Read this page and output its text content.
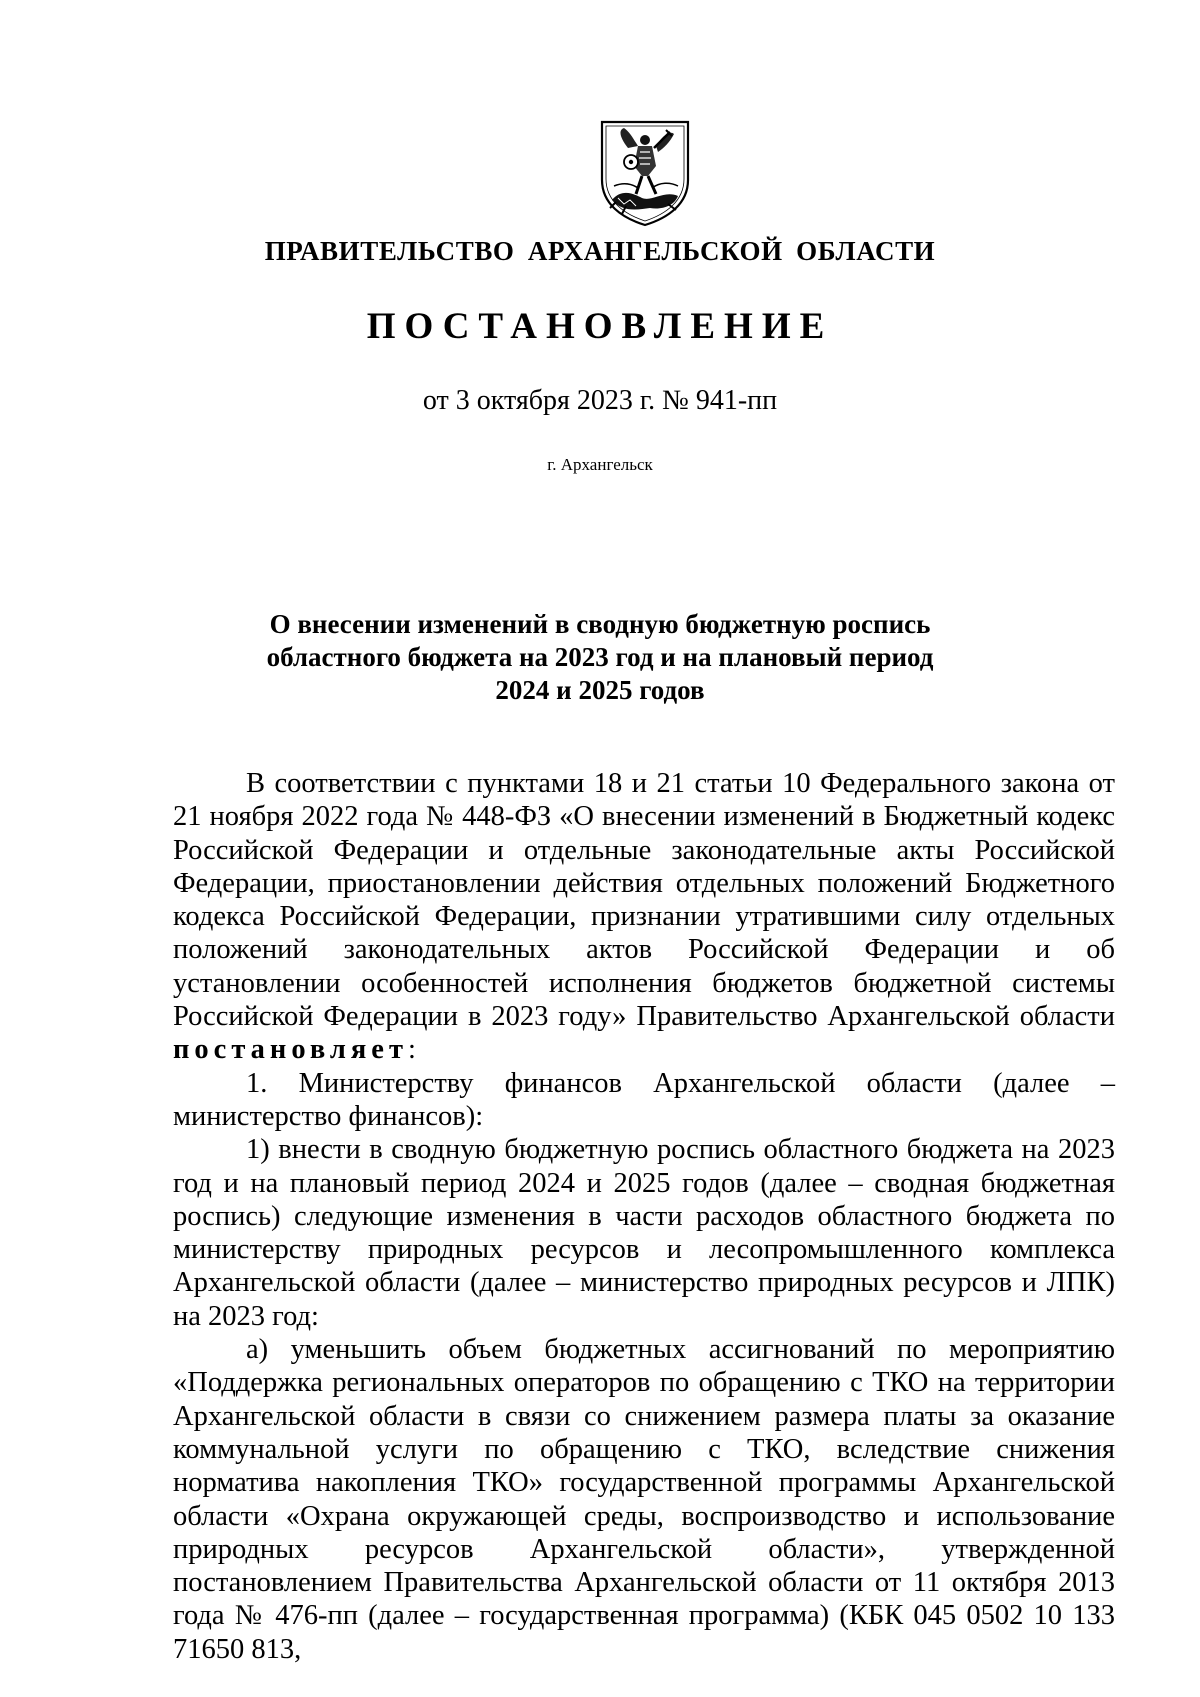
ПРАВИТЕЛЬСТВО АРХАНГЕЛЬСКОЙ ОБЛАСТИ
ПОСТАНОВЛЕНИЕ
от 3 октября 2023 г. № 941-пп
г. Архангельск
О внесении изменений в сводную бюджетную роспись
областного бюджета на 2023 год и на плановый период
2024 и 2025 годов

В соответствии с пунктами 18 и 21 статьи 10 Федерального закона от 21 ноября 2022 года № 448-ФЗ «О внесении изменений в Бюджетный кодекс Российской Федерации и отдельные законодательные акты Российской Федерации, приостановлении действия отдельных положений Бюджетного кодекса Российской Федерации, признании утратившими силу отдельных положений законодательных актов Российской Федерации и об установлении особенностей исполнения бюджетов бюджетной системы Российской Федерации в 2023 году» Правительство Архангельской области постановляет:

1. Министерству финансов Архангельской области (далее – министерство финансов):

1) внести в сводную бюджетную роспись областного бюджета на 2023 год и на плановый период 2024 и 2025 годов (далее – сводная бюджетная роспись) следующие изменения в части расходов областного бюджета по министерству природных ресурсов и лесопромышленного комплекса Архангельской области (далее – министерство природных ресурсов и ЛПК) на 2023 год:

а) уменьшить объем бюджетных ассигнований по мероприятию «Поддержка региональных операторов по обращению с ТКО на территории Архангельской области в связи со снижением размера платы за оказание коммунальной услуги по обращению с ТКО, вследствие снижения норматива накопления ТКО» государственной программы Архангельской области «Охрана окружающей среды, воспроизводство и использование природных ресурсов Архангельской области», утвержденной постановлением Правительства Архангельской области от 11 октября 2013 года № 476-пп (далее – государственная программа) (КБК 045 0502 10 133 71650 813,
